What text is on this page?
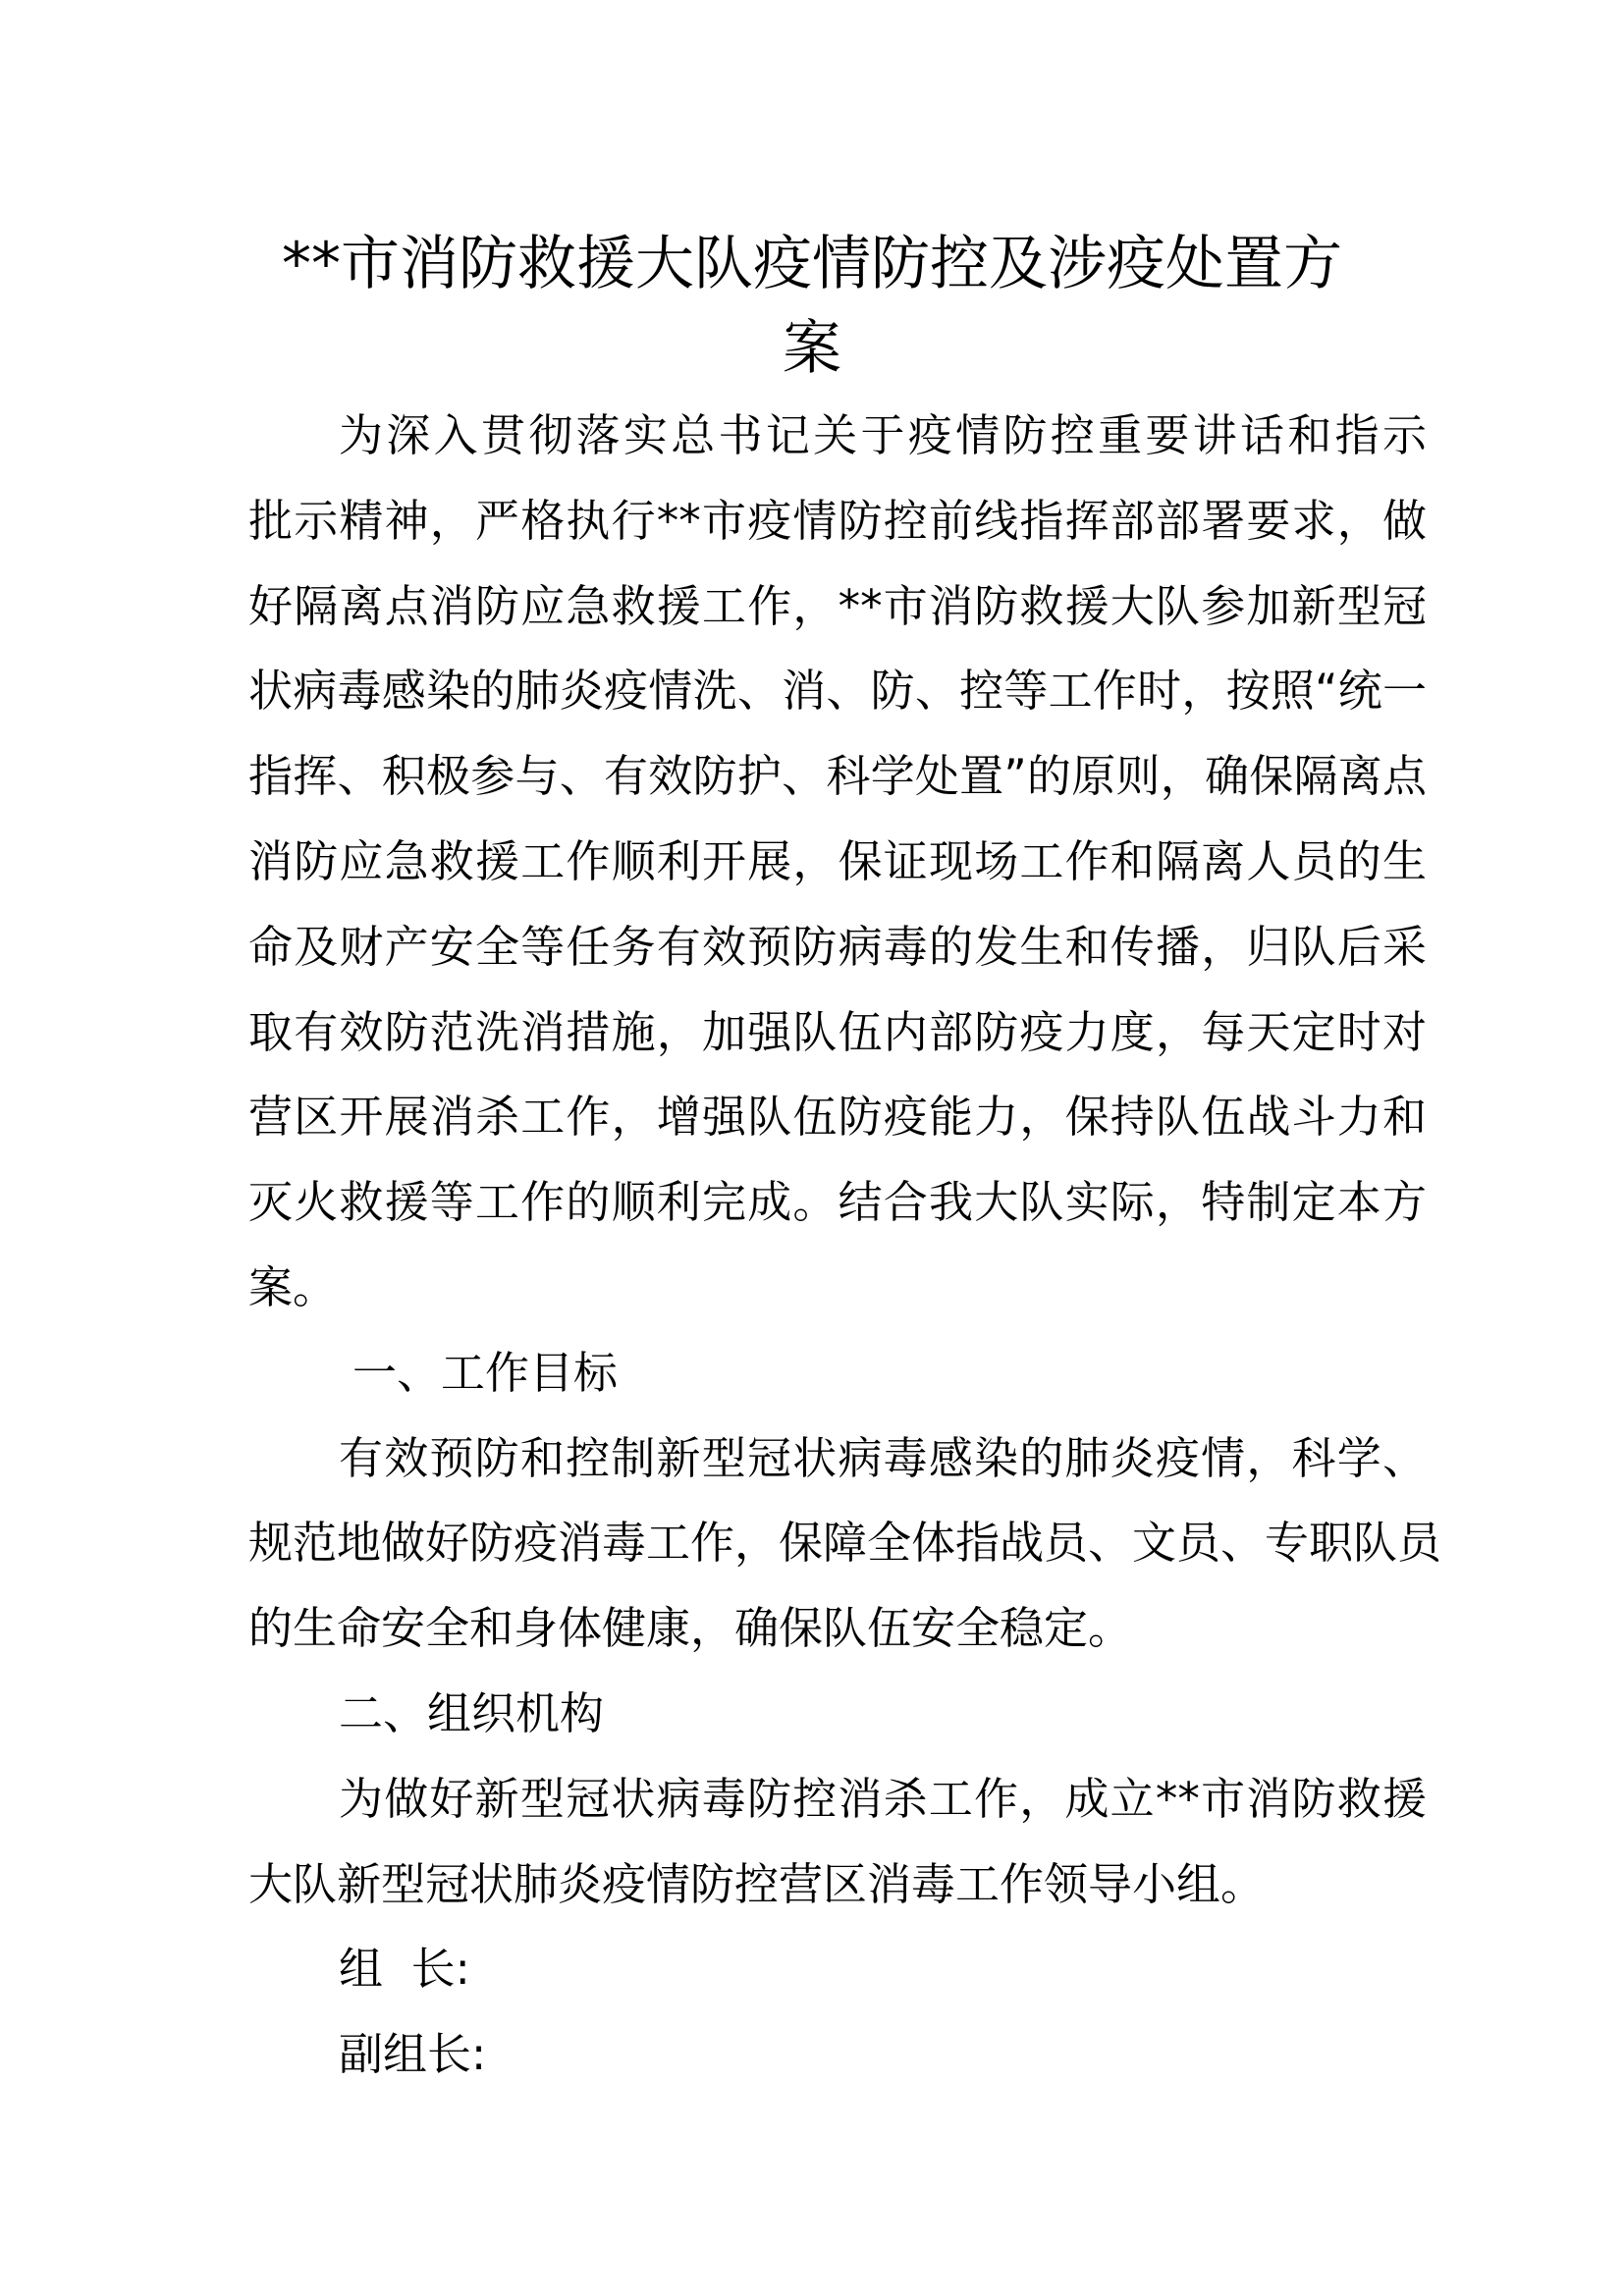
**市消防救援大队疫情防控及涉疫处置方
案
为深入贯彻落实总书记关于疫情防控重要讲话和指示
批示精神，严格执行**市疫情防控前线指挥部部署要求，做
好隔离点消防应急救援工作，**市消防救援大队参加新型冠
状病毒感染的肺炎疫情洗、消、防、控等工作时，按照“统一
指挥、积极参与、有效防护、科学处置”的原则，确保隔离点
消防应急救援工作顺利开展，保证现场工作和隔离人员的生
命及财产安全等任务有效预防病毒的发生和传播，归队后采
取有效防范洗消措施，加强队伍内部防疫力度，每天定时对
营区开展消杀工作，增强队伍防疫能力，保持队伍战斗力和
灭火救援等工作的顺利完成。结合我大队实际，特制定本方
案。
一、工作目标
有效预防和控制新型冠状病毒感染的肺炎疫情，科学、
规范地做好防疫消毒工作，保障全体指战员、文员、专职队员
的生命安全和身体健康，确保队伍安全稳定。
二、组织机构
为做好新型冠状病毒防控消杀工作，成立**市消防救援
大队新型冠状肺炎疫情防控营区消毒工作领导小组。
组  长:
副组长:
